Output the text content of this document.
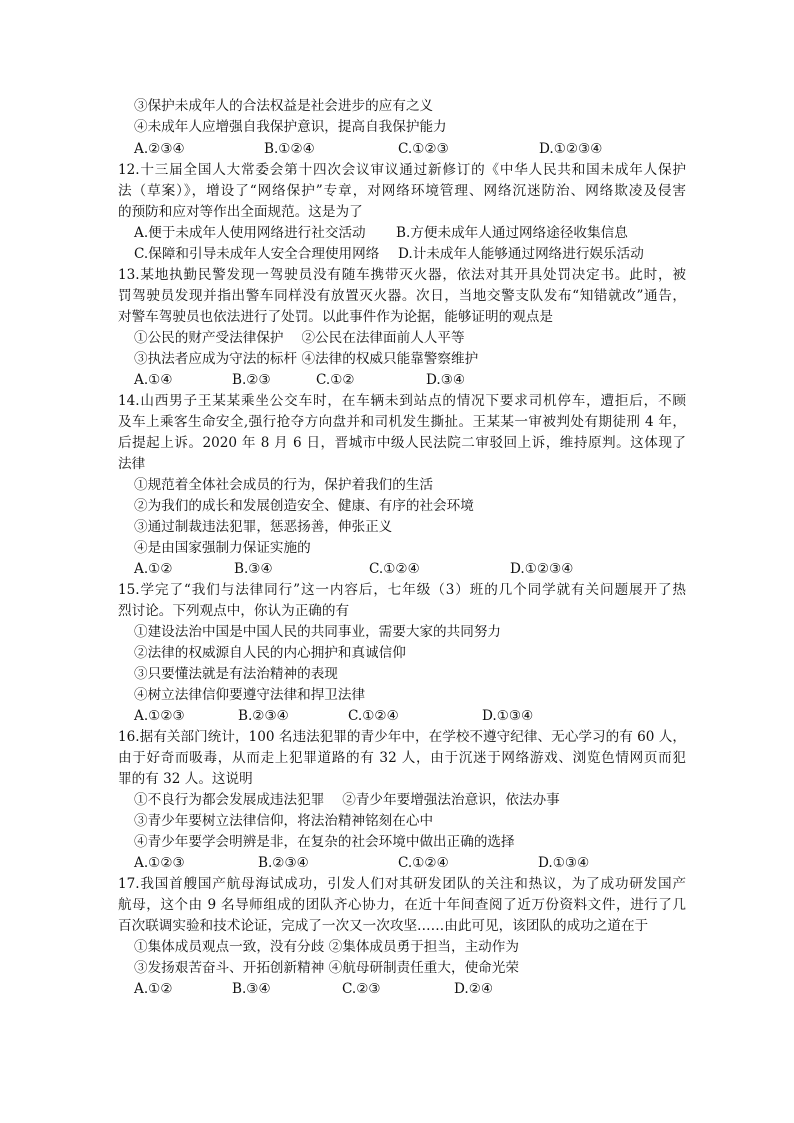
③保护未成年人的合法权益是社会进步的应有之义
④未成年人应增强自我保护意识，提高自我保护能力
A.②③④	B.①②④	C.①②③	D.①②③④
12.十三届全国人大常委会第十四次会议审议通过新修订的《中华人民共和国未成年人保护
法（草案）》，增设了“网络保护”专章，对网络环境管理、网络沉迷防治、网络欺凌及侵害
的预防和应对等作出全面规范。这是为了
A.便于未成年人使用网络进行社交活动 B.方便未成年人通过网络途径收集信息
C.保障和引导未成年人安全合理使用网络 D.计未成年人能够通过网络进行娱乐活动
13.某地执勤民警发现一驾驶员没有随车携带灭火器，依法对其开具处罚决定书。此时，被
罚驾驶员发现并指出警车同样没有放置灭火器。次日，当地交警支队发布“知错就改”通告，
对警车驾驶员也依法进行了处罚。以此事件作为论据，能够证明的观点是
①公民的财产受法律保护　 ②公民在法律面前人人平等
③执法者应成为守法的标杆 ④法律的权威只能靠警察维护
A.①④	B.②③	C.①②	D.③④
14.山西男子王某某乘坐公交车时，在车辆未到站点的情况下要求司机停车，遭拒后，不顾
及车上乘客生命安全,强行抢夺方向盘并和司机发生撕扯。王某某一审被判处有期徒刑 4 年，
后提起上诉。2020 年 8 月 6 日，晋城市中级人民法院二审驳回上诉，维持原判。这体现了
法律
①规范着全体社会成员的行为，保护着我们的生活
②为我们的成长和发展创造安全、健康、有序的社会环境
③通过制裁违法犯罪，惩恶扬善，伸张正义
④是由国家强制力保证实施的
A.①②	B.③④	C.①②④	D.①②③④
15.学完了“我们与法律同行”这一内容后，七年级（3）班的几个同学就有关问题展开了热
烈讨论。下列观点中，你认为正确的有
①建设法治中国是中国人民的共同事业，需要大家的共同努力
②法律的权威源自人民的内心拥护和真诚信仰
③只要懂法就是有法治精神的表现
④树立法律信仰要遵守法律和捍卫法律
A.①②③	B.②③④	C.①②④	D.①③④
16.据有关部门统计，100 名违法犯罪的青少年中，在学校不遵守纪律、无心学习的有 60 人，
由于好奇而吸毒，从而走上犯罪道路的有 32 人，由于沉迷于网络游戏、浏览色情网页而犯
罪的有 32 人。这说明
①不良行为都会发展成违法犯罪　 ②青少年要增强法治意识，依法办事
③青少年要树立法律信仰，将法治精神铭刻在心中
④青少年要学会明辨是非，在复杂的社会环境中做出正确的选择
A.①②③	B.②③④	C.①②④	D.①③④
17.我国首艘国产航母海试成功，引发人们对其研发团队的关注和热议，为了成功研发国产
航母，这个由 9 名导师组成的团队齐心协力，在近十年间查阅了近万份资料文件，进行了几
百次联调实验和技术论证，完成了一次又一次攻坚……由此可见，该团队的成功之道在于
①集体成员观点一致，没有分歧 ②集体成员勇于担当，主动作为
③发扬艰苦奋斗、开拓创新精神 ④航母研制责任重大，使命光荣
A.①②	B.③④	C.②③	D.②④
